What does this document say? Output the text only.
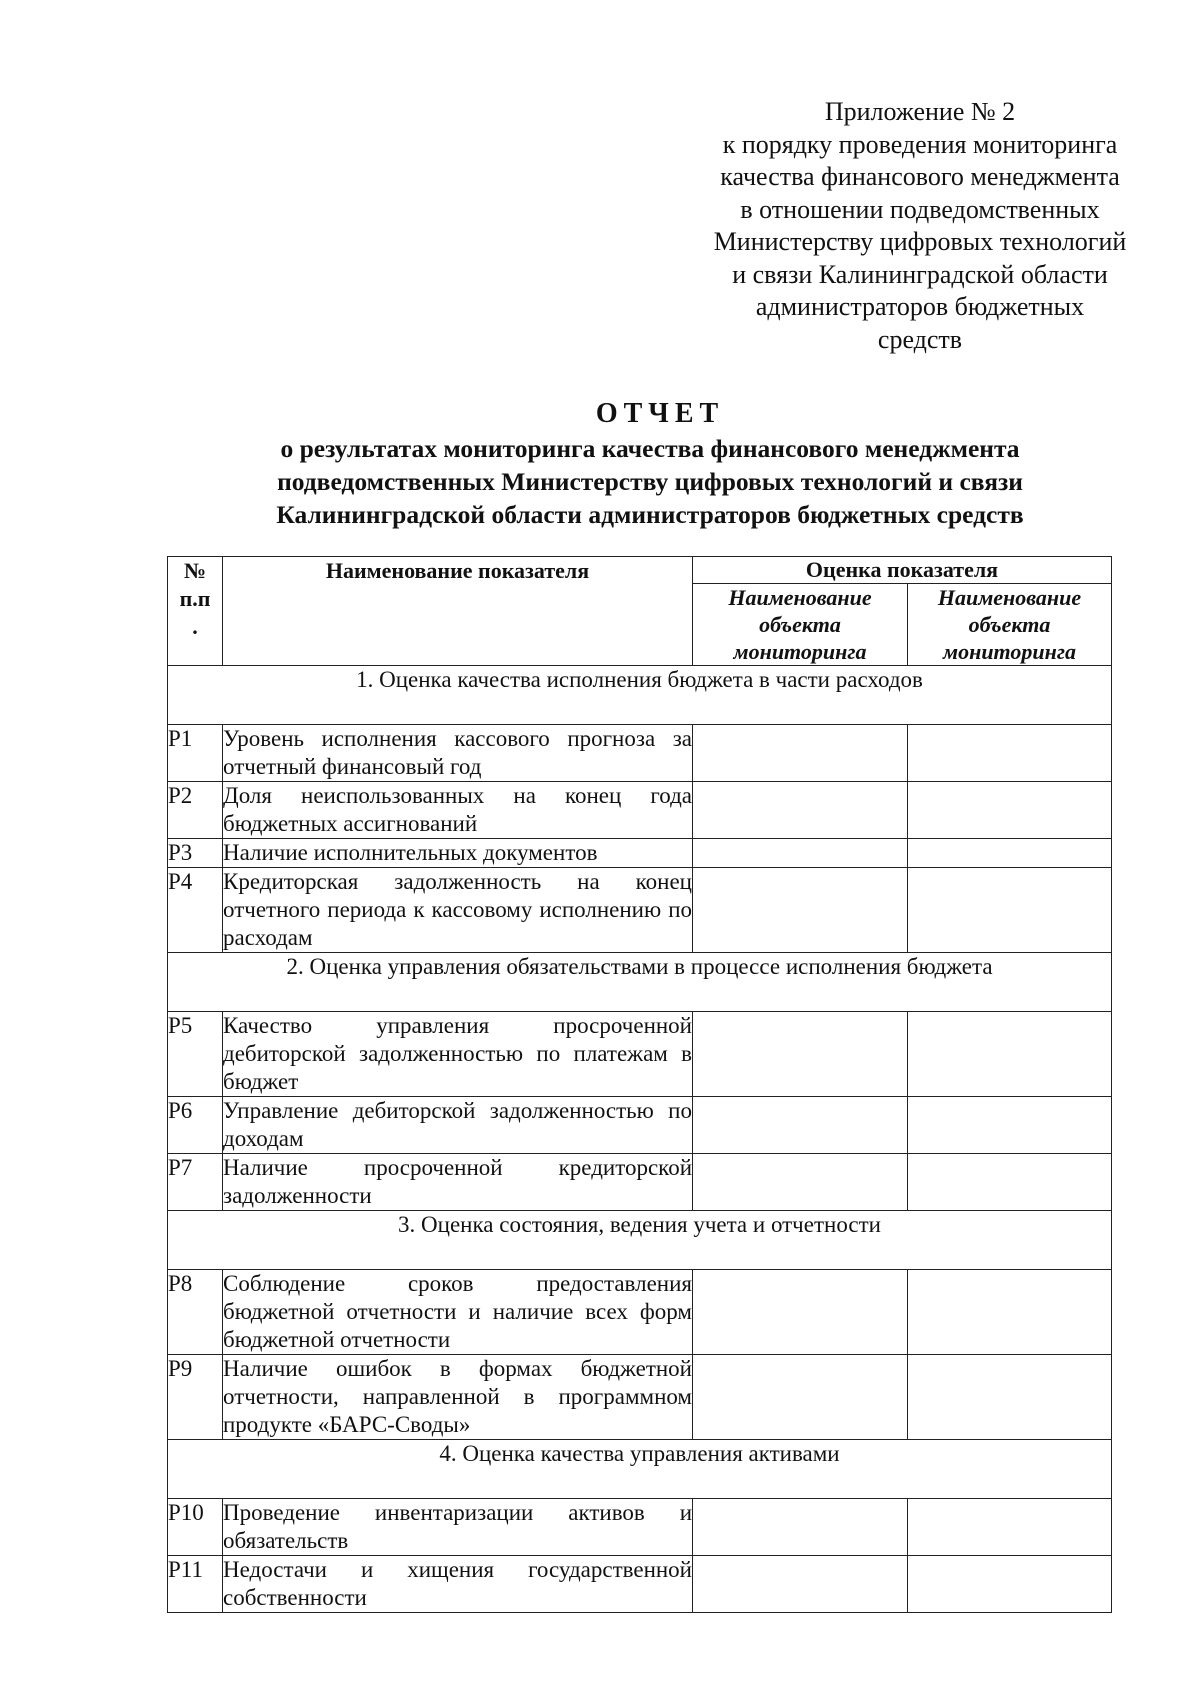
Приложение № 2
к порядку проведения мониторинга
качества финансового менеджмента
в отношении подведомственных
Министерству цифровых технологий
и связи Калининградской области
администраторов бюджетных
средств
ОТЧЕТ
о результатах мониторинга качества финансового менеджмента
подведомственных Министерству цифровых технологий и связи
Калининградской области администраторов бюджетных средств
№
п.п
.	Наименование показателя	Оценка показателя	
		Наименование объекта мониторинга	Наименование объекта мониторинга
1. Оценка качества исполнения бюджета в части расходов			
P1	Уровень исполнения кассового прогноза за отчетный финансовый год		
P2	Доля неиспользованных на конец года бюджетных ассигнований		
P3	Наличие исполнительных документов		
P4	Кредиторская задолженность на конец отчетного периода к кассовому исполнению по расходам		
2. Оценка управления обязательствами в процессе исполнения бюджета			
P5	Качество управления просроченной дебиторской задолженностью по платежам в бюджет		
P6	Управление дебиторской задолженностью по доходам		
P7	Наличие просроченной кредиторской задолженности		
3. Оценка состояния, ведения учета и отчетности			
P8	Соблюдение сроков предоставления бюджетной отчетности и наличие всех форм бюджетной отчетности		
P9	Наличие ошибок в формах бюджетной отчетности, направленной в программном продукте «БАРС-Своды»		
4. Оценка качества управления активами			
P10	Проведение инвентаризации активов и обязательств		
P11	Недостачи и хищения государственной собственности		
